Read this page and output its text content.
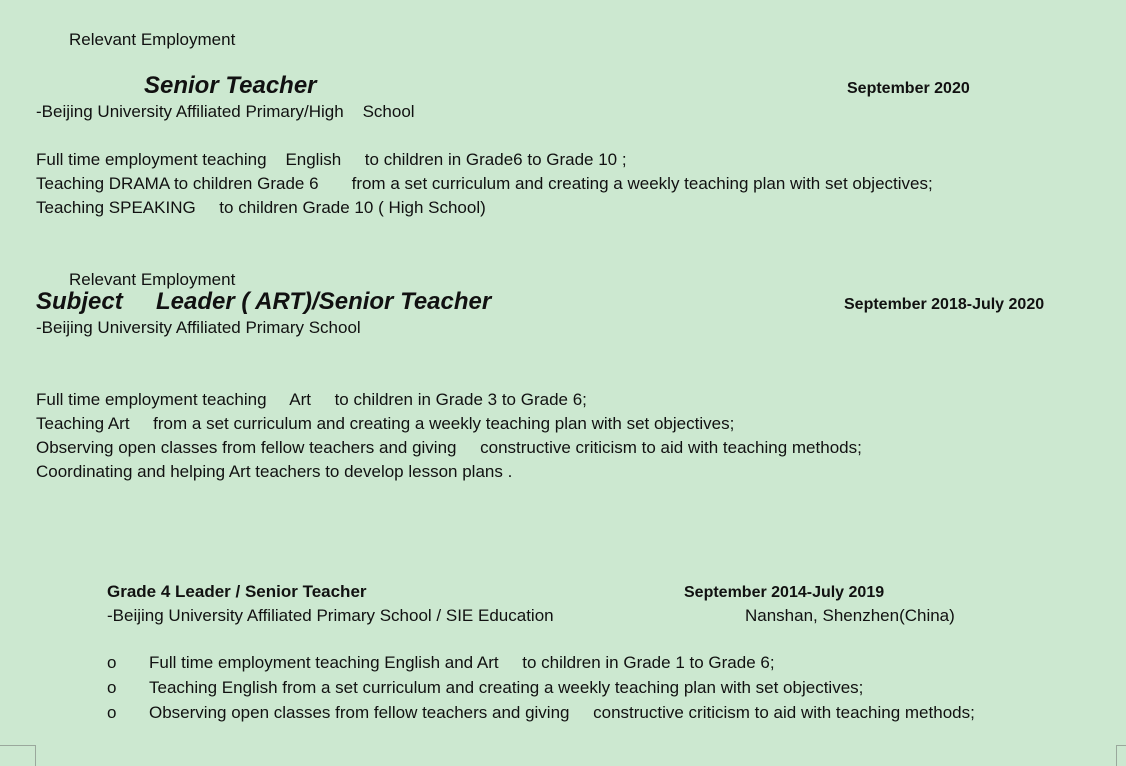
Relevant Employment
Senior Teacher	September 2020
-Beijing University Affiliated Primary/High    School
Full time employment teaching    English     to children in Grade6 to Grade 10 ;
Teaching DRAMA to children Grade 6       from a set curriculum and creating a weekly teaching plan with set objectives;
Teaching SPEAKING     to children Grade 10 ( High School)
Relevant Employment
Subject     Leader ( ART)/Senior Teacher	September 2018-July 2020
-Beijing University Affiliated Primary School
Full time employment teaching     Art     to children in Grade 3 to Grade 6;
Teaching Art     from a set curriculum and creating a weekly teaching plan with set objectives;
Observing open classes from fellow teachers and giving     constructive criticism to aid with teaching methods;
Coordinating and helping Art teachers to develop lesson plans .
Grade 4 Leader / Senior Teacher	September 2014-July 2019
-Beijing University Affiliated Primary School / SIE Education	Nanshan, Shenzhen(China)
o Full time employment teaching English and Art     to children in Grade 1 to Grade 6;
o Teaching English from a set curriculum and creating a weekly teaching plan with set objectives;
o Observing open classes from fellow teachers and giving     constructive criticism to aid with teaching methods;
